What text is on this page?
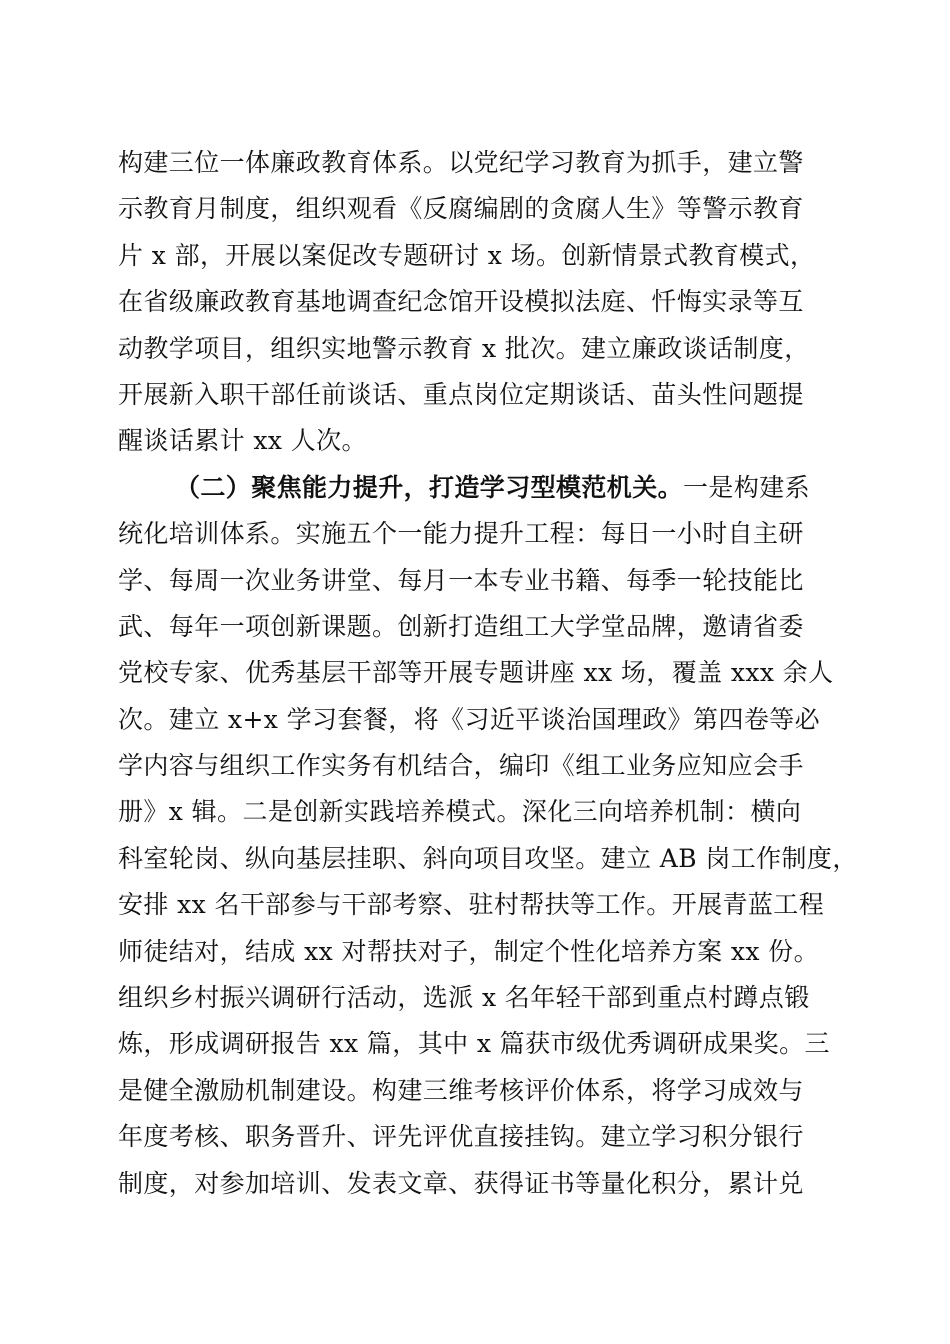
构建三位一体廉政教育体系。以党纪学习教育为抓手，建立警
示教育月制度，组织观看《反腐编剧的贪腐人生》等警示教育
片 x 部，开展以案促改专题研讨 x 场。创新情景式教育模式，
在省级廉政教育基地调查纪念馆开设模拟法庭、忏悔实录等互
动教学项目，组织实地警示教育 x 批次。建立廉政谈话制度，
开展新入职干部任前谈话、重点岗位定期谈话、苗头性问题提
醒谈话累计 xx 人次。
（二）聚焦能力提升，打造学习型模范机关。一是构建系
统化培训体系。实施五个一能力提升工程：每日一小时自主研
学、每周一次业务讲堂、每月一本专业书籍、每季一轮技能比
武、每年一项创新课题。创新打造组工大学堂品牌，邀请省委
党校专家、优秀基层干部等开展专题讲座 xx 场，覆盖 xxx 余人
次。建立 x+x 学习套餐，将《习近平谈治国理政》第四卷等必
学内容与组织工作实务有机结合，编印《组工业务应知应会手
册》x 辑。二是创新实践培养模式。深化三向培养机制：横向
科室轮岗、纵向基层挂职、斜向项目攻坚。建立 AB 岗工作制度，
安排 xx 名干部参与干部考察、驻村帮扶等工作。开展青蓝工程
师徒结对，结成 xx 对帮扶对子，制定个性化培养方案 xx 份。
组织乡村振兴调研行活动，选派 x 名年轻干部到重点村蹲点锻
炼，形成调研报告 xx 篇，其中 x 篇获市级优秀调研成果奖。三
是健全激励机制建设。构建三维考核评价体系，将学习成效与
年度考核、职务晋升、评先评优直接挂钩。建立学习积分银行
制度，对参加培训、发表文章、获得证书等量化积分，累计兑
